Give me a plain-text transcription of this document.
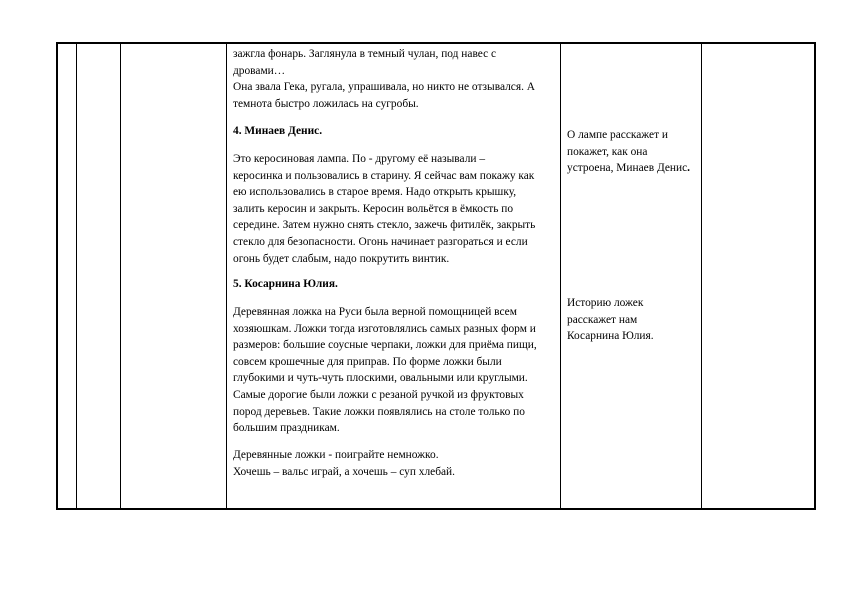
зажгла фонарь. Заглянула в темный чулан, под навес с

дровами…

Она звала Гека, ругала, упрашивала, но никто не отзывался. А

темнота быстро ложилась на сугробы.

4. Минаев Денис.

Это керосиновая лампа. По - другому её называли –

керосинка и пользовались в старину. Я сейчас вам покажу как

ею использовались в старое время. Надо открыть крышку,

залить керосин и закрыть. Керосин вольётся в ёмкость по

середине. Затем нужно снять стекло, зажечь фитилёк, закрыть

стекло для безопасности. Огонь начинает разгораться и если

огонь будет слабым, надо покрутить винтик.

5. Косарнина Юлия.

Деревянная ложка на Руси была верной помощницей всем

хозяюшкам. Ложки тогда изготовлялись самых разных форм и

размеров: большие соусные черпаки, ложки для приёма пищи,

совсем крошечные для приправ. По форме ложки были

глубокими и чуть-чуть плоскими, овальными или круглыми.

Самые дорогие были ложки с резаной ручкой из фруктовых

пород деревьев. Такие ложки появлялись на столе только по

большим праздникам.

Деревянные ложки - поиграйте немножко.

Хочешь – вальс играй, а хочешь – суп хлебай.

О лампе расскажет и

покажет, как она

устроена, Минаев Денис.

Историю ложек

расскажет нам

Косарнина Юлия.
